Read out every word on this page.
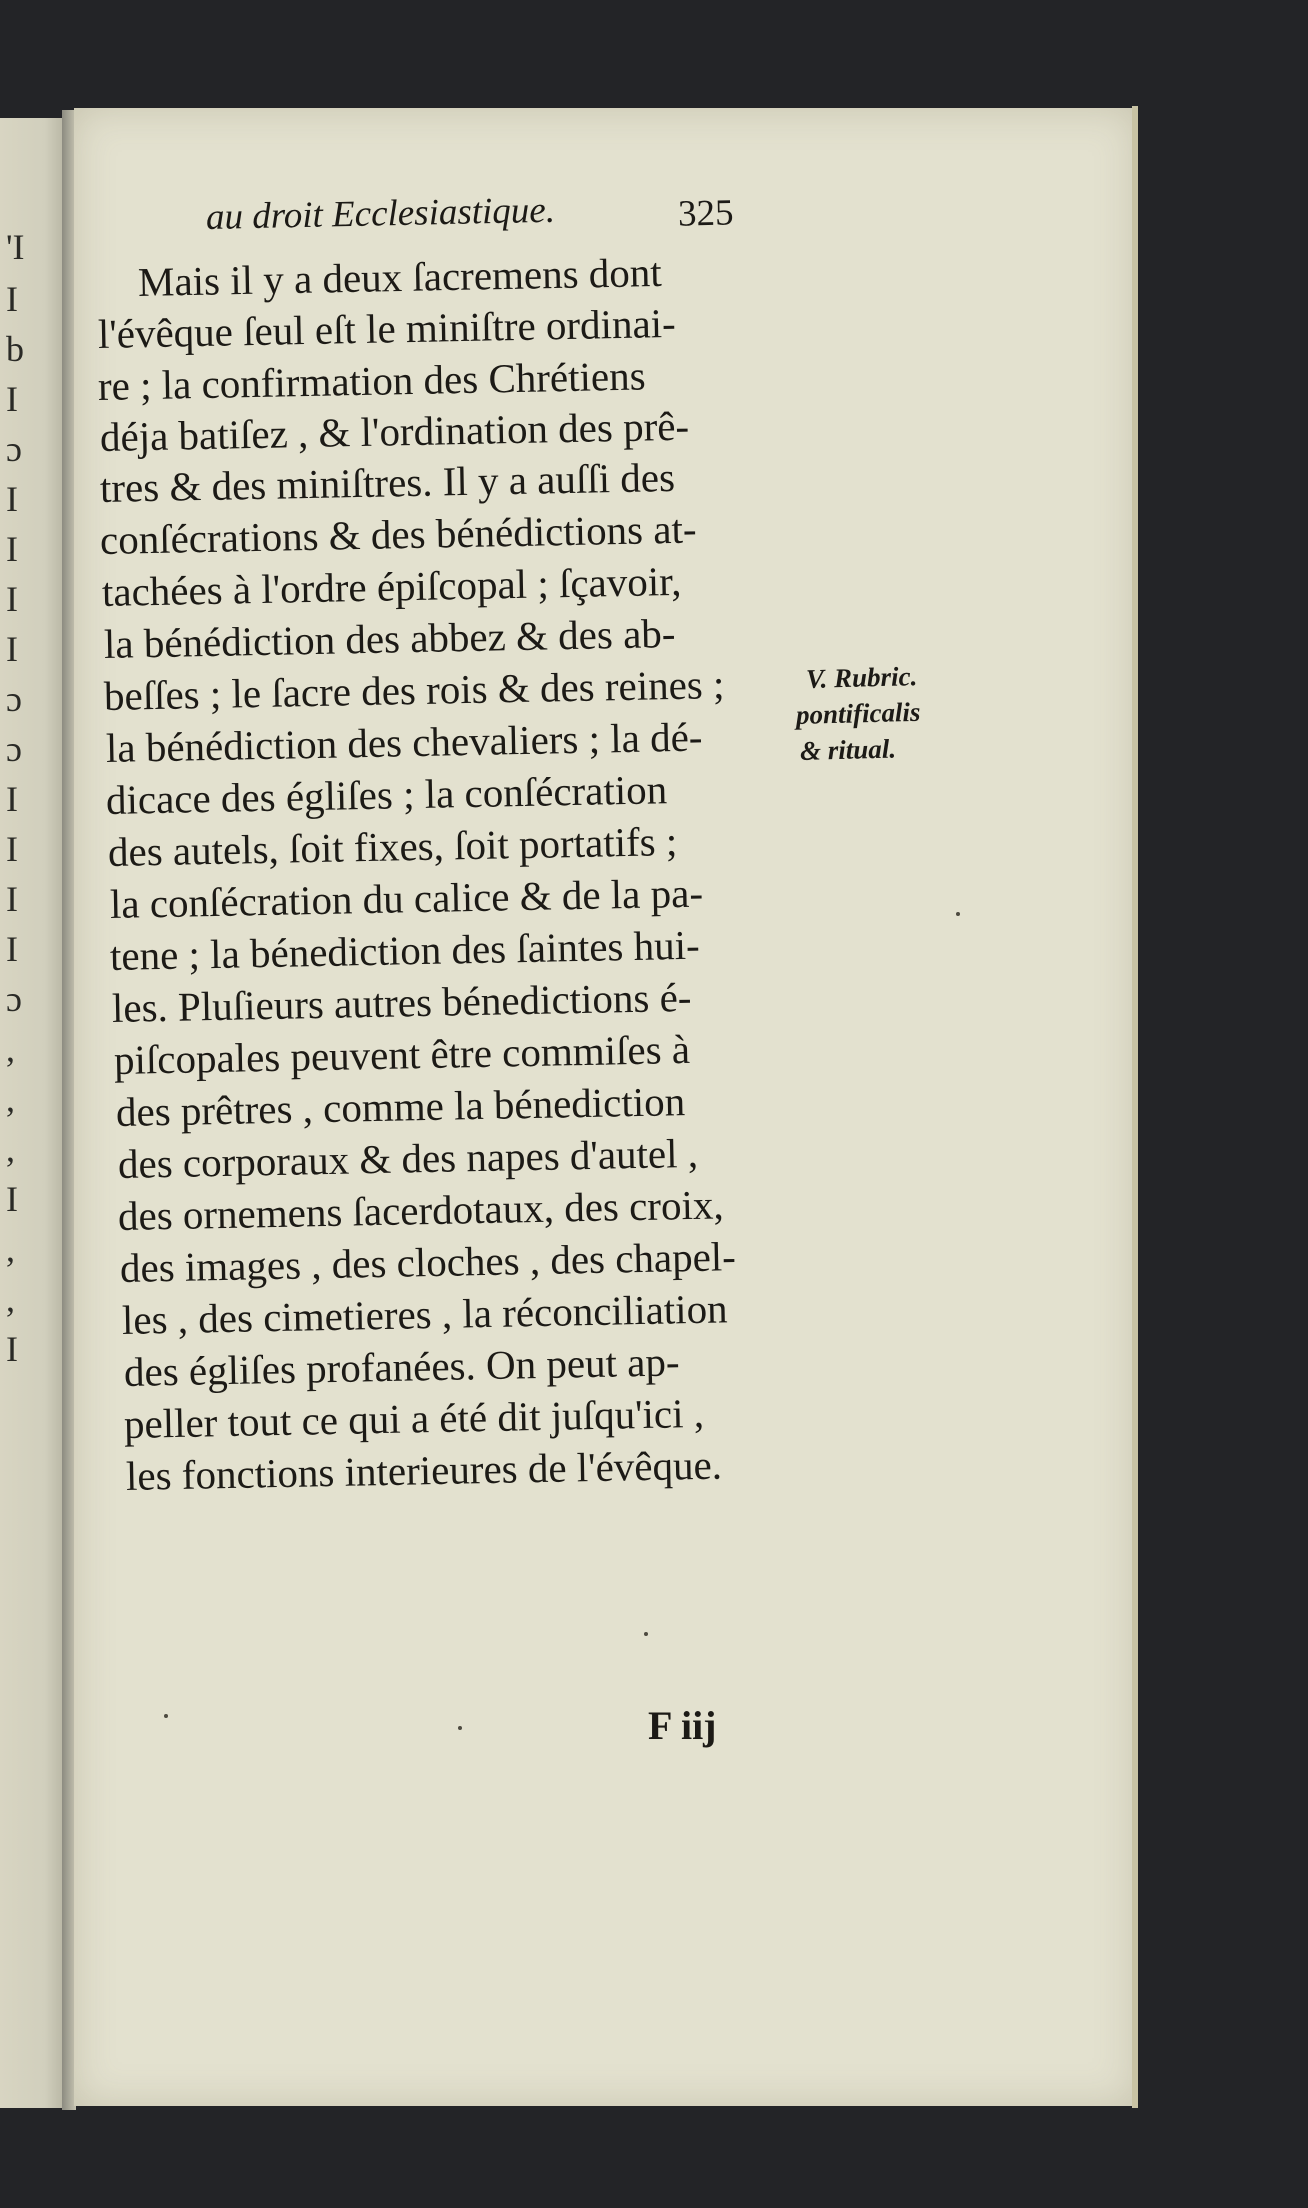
'I
I
b
I
ɔ
I
I
I
I
ɔ
ɔ
I
I
I
I
ɔ
,
,
,
I
,
,
I
au droit Ecclesiastique.	325
Mais il y a deux ſacremens dont
l'évêque ſeul eſt le miniſtre ordinai-
re ; la confirmation des Chrétiens
déja batiſez , & l'ordination des prê-
tres & des miniſtres. Il y a auſſi des
conſécrations & des bénédictions at-
tachées à l'ordre épiſcopal ; ſçavoir,
la bénédiction des abbez & des ab-
beſſes ; le ſacre des rois & des reines ;
la bénédiction des chevaliers ; la dé-
dicace des égliſes ; la conſécration
des autels, ſoit fixes, ſoit portatifs ;
la conſécration du calice & de la pa-
tene ; la bénediction des ſaintes hui-
les. Pluſieurs autres bénedictions é-
piſcopales peuvent être commiſes à
des prêtres , comme la bénediction
des corporaux & des napes d'autel ,
des ornemens ſacerdotaux, des croix,
des images , des cloches , des chapel-
les , des cimetieres , la réconciliation
des égliſes profanées. On peut ap-
peller tout ce qui a été dit juſqu'ici ,
les fonctions interieures de l'évêque.
V. Rubric.
pontificalis
& ritual.
F iij
